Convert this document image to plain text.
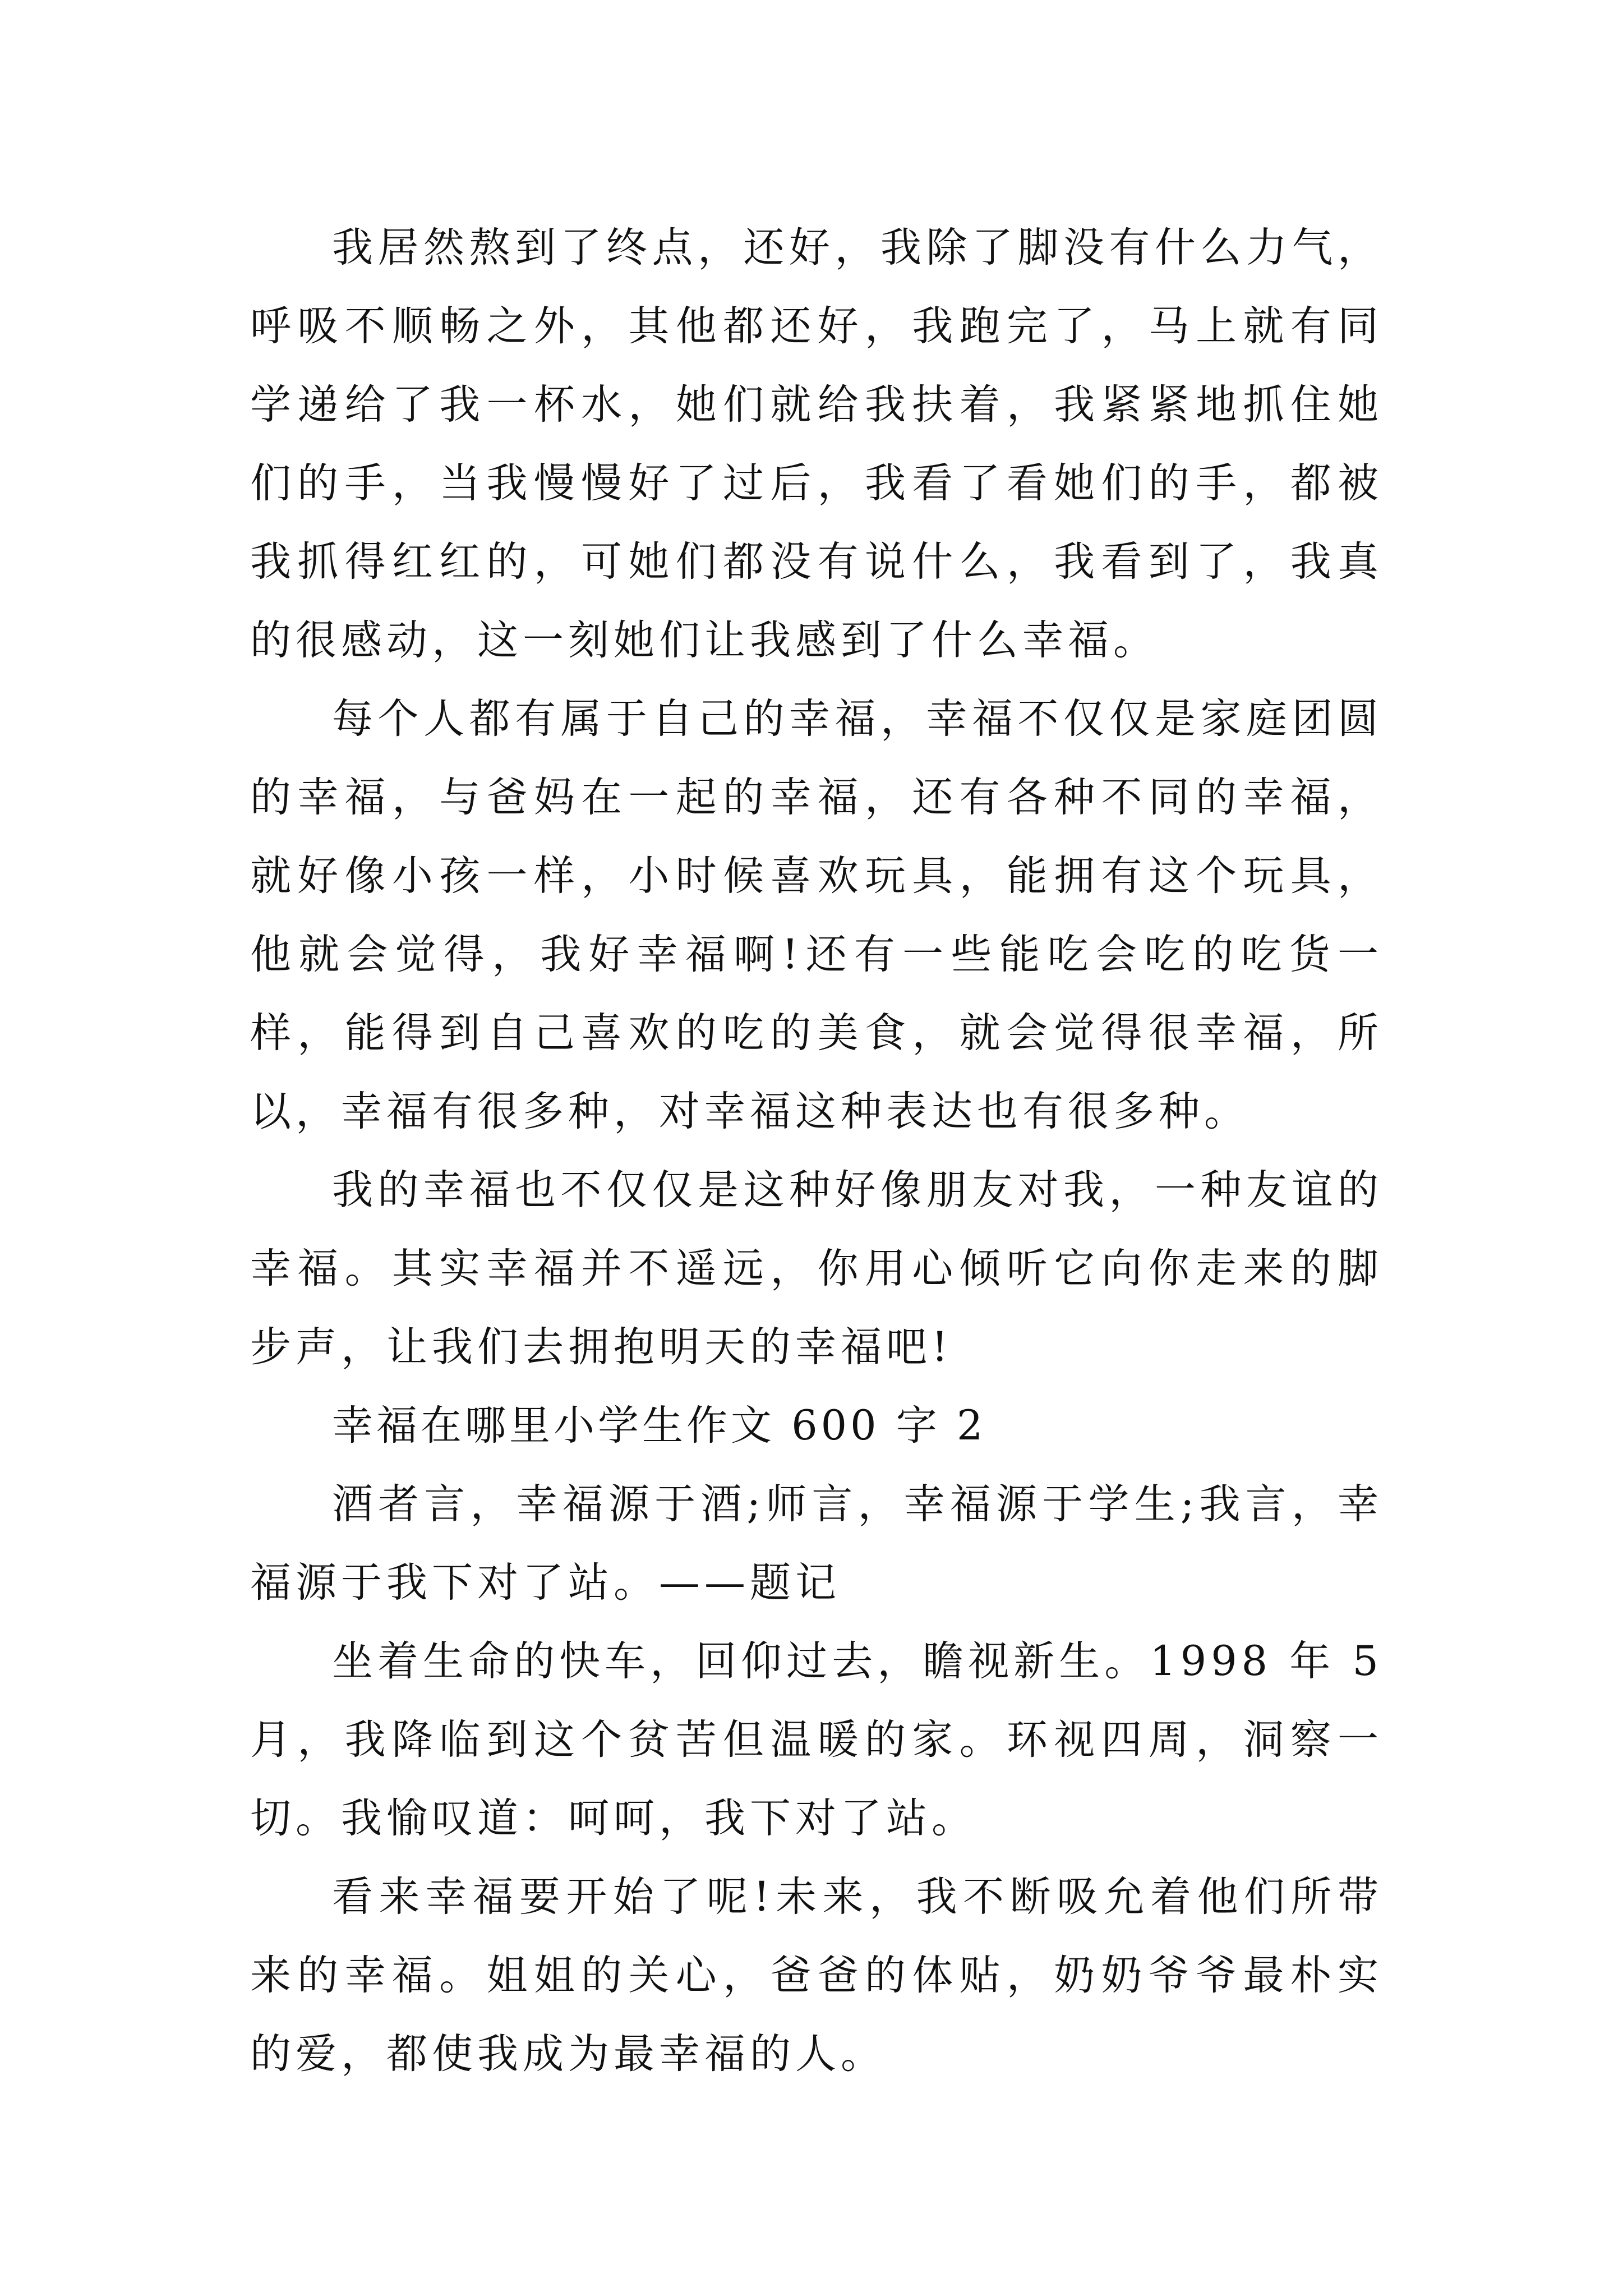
我居然熬到了终点，还好，我除了脚没有什么力气，呼吸不顺畅之外，其他都还好，我跑完了，马上就有同学递给了我一杯水，她们就给我扶着，我紧紧地抓住她们的手，当我慢慢好了过后，我看了看她们的手，都被我抓得红红的，可她们都没有说什么，我看到了，我真的很感动，这一刻她们让我感到了什么幸福。

每个人都有属于自己的幸福，幸福不仅仅是家庭团圆的幸福，与爸妈在一起的幸福，还有各种不同的幸福，就好像小孩一样，小时候喜欢玩具，能拥有这个玩具，他就会觉得，我好幸福啊!还有一些能吃会吃的吃货一样，能得到自己喜欢的吃的美食，就会觉得很幸福，所以，幸福有很多种，对幸福这种表达也有很多种。

我的幸福也不仅仅是这种好像朋友对我，一种友谊的幸福。其实幸福并不遥远，你用心倾听它向你走来的脚步声，让我们去拥抱明天的幸福吧!

幸福在哪里小学生作文 600 字 2

酒者言，幸福源于酒;师言，幸福源于学生;我言，幸福源于我下对了站。——题记

坐着生命的快车，回仰过去，瞻视新生。1998 年 5 月，我降临到这个贫苦但温暖的家。环视四周，洞察一切。我愉叹道：呵呵，我下对了站。

看来幸福要开始了呢!未来，我不断吸允着他们所带来的幸福。姐姐的关心，爸爸的体贴，奶奶爷爷最朴实的爱，都使我成为最幸福的人。
